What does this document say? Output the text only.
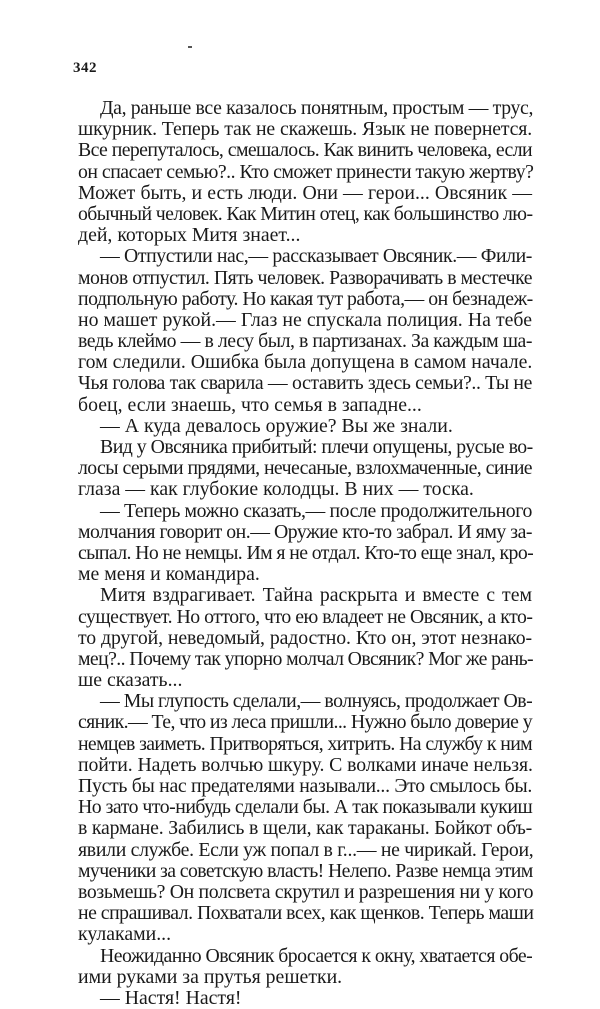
342
Да, раньше все казалось понятным, простым — трус,
шкурник. Теперь так не скажешь. Язык не повернется.
Все перепуталось, смешалось. Как винить человека, если
он спасает семью?.. Кто сможет принести такую жертву?
Может быть, и есть люди. Они — герои... Овсяник —
обычный человек. Как Митин отец, как большинство лю-
дей, которых Митя знает...
— Отпустили нас,— рассказывает Овсяник.— Фили-
монов отпустил. Пять человек. Разворачивать в местечке
подпольную работу. Но какая тут работа,— он безнадеж-
но машет рукой.— Глаз не спускала полиция. На тебе
ведь клеймо — в лесу был, в партизанах. За каждым ша-
гом следили. Ошибка была допущена в самом начале.
Чья голова так сварила — оставить здесь семьи?.. Ты не
боец, если знаешь, что семья в западне...
— А куда девалось оружие? Вы же знали.
Вид у Овсяника прибитый: плечи опущены, русые во-
лосы серыми прядями, нечесаные, взлохмаченные, синие
глаза — как глубокие колодцы. В них — тоска.
— Теперь можно сказать,— после продолжительного
молчания говорит он.— Оружие кто-то забрал. И яму за-
сыпал. Но не немцы. Им я не отдал. Кто-то еще знал, кро-
ме меня и командира.
Митя вздрагивает. Тайна раскрыта и вместе с тем
существует. Но оттого, что ею владеет не Овсяник, а кто-
то другой, неведомый, радостно. Кто он, этот незнако-
мец?.. Почему так упорно молчал Овсяник? Мог же рань-
ше сказать...
— Мы глупость сделали,— волнуясь, продолжает Ов-
сяник.— Те, что из леса пришли... Нужно было доверие у
немцев заиметь. Притворяться, хитрить. На службу к ним
пойти. Надеть волчью шкуру. С волками иначе нельзя.
Пусть бы нас предателями называли... Это смылось бы.
Но зато что-нибудь сделали бы. А так показывали кукиш
в кармане. Забились в щели, как тараканы. Бойкот объ-
явили службе. Если уж попал в г...— не чирикай. Герои,
мученики за советскую власть! Нелепо. Разве немца этим
возьмешь? Он полсвета скрутил и разрешения ни у кого
не спрашивал. Похватали всех, как щенков. Теперь маши
кулаками...
Неожиданно Овсяник бросается к окну, хватается обе-
ими руками за прутья решетки.
— Настя! Настя!
